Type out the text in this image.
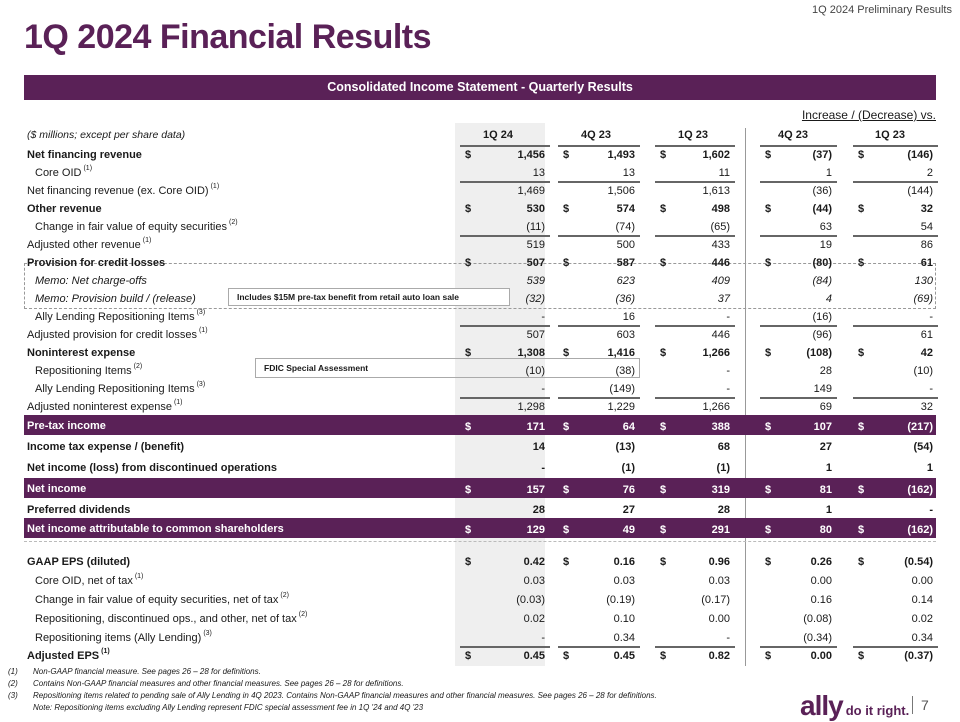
1Q 2024 Preliminary Results
1Q 2024 Financial Results
Consolidated Income Statement - Quarterly Results
Increase / (Decrease) vs.
($ millions; except per share data)	1Q 24	4Q 23	1Q 23	4Q 23	1Q 23
Net financing revenue	$	1,456 $	1,493 $	1,602	$	(37) $	(146)
Core OID $^{(1)}$	13	13	11	1	2
Net financing revenue (ex. Core OID) $^{(1)}$	1,469	1,506	1,613	(36)	(144)
Other revenue	$	530 $	574 $	498	$	(44) $	32
Change in fair value of equity securities $^{(2)}$	(11)	(74)	(65)	63	54
Adjusted other revenue $^{(1)}$	519	500	433	19	86
Provision for credit losses	$	507 $	587 $	446	$	(80) $	61
Memo: Net charge-offs	539	623	409	(84)	130
Memo: Provision build / (release)	(32)	(36)	37	4	(69)
Ally Lending Repositioning Items $^{(3)}$	-	16	-	(16)	-
Adjusted provision for credit losses $^{(1)}$	507	603	446	(96)	61
Noninterest expense	$	1,308 $	1,416 $	1,266	$	(108) $	42
Repositioning Items $^{(2)}$	(10)	(38)	-	28	(10)
Ally Lending Repositioning Items $^{(3)}$	-	(149)	-	149	-
Adjusted noninterest expense $^{(1)}$	1,298	1,229	1,266	69	32
Pre-tax income	$	171 $	64 $	388	$	107 $	(217)
Income tax expense / (benefit)	14	(13)	68	27	(54)
Net income (loss) from discontinued operations	-	(1)	(1)	1	1
Net income	$	157 $	76 $	319	$	81 $	(162)
Preferred dividends	28	27	28	1	-
Net income attributable to common shareholders	$	129 $	49 $	291	$	80 $	(162)
GAAP EPS (diluted)	$	0.42 $	0.16 $	0.96	$	0.26 $	(0.54)
Core OID, net of tax $^{(1)}$	0.03	0.03	0.03	0.00	0.00
Change in fair value of equity securities, net of tax $^{(2)}$	(0.03)	(0.19)	(0.17)	0.16	0.14
Repositioning, discontinued ops., and other, net of tax $^{(2)}$	0.02	0.10	0.00	(0.08)	0.02
Repositioning items (Ally Lending) $^{(3)}$	-	0.34	-	(0.34)	0.34
Adjusted EPS $^{(1)}$	$	0.45 $	0.45 $	0.82	$	0.00 $	(0.37)
Includes $15M pre-tax benefit from retail auto loan sale
FDIC Special Assessment
(1) Non-GAAP financial measure. See pages 26 – 28 for definitions.
(2) Contains Non-GAAP financial measures and other financial measures. See pages 26 – 28 for definitions.
(3) Repositioning items related to pending sale of Ally Lending in 4Q 2023. Contains Non-GAAP financial measures and other financial measures. See pages 26 – 28 for definitions.
Note: Repositioning items excluding Ally Lending represent FDIC special assessment fee in 1Q '24 and 4Q '23	ally do it right. 7
